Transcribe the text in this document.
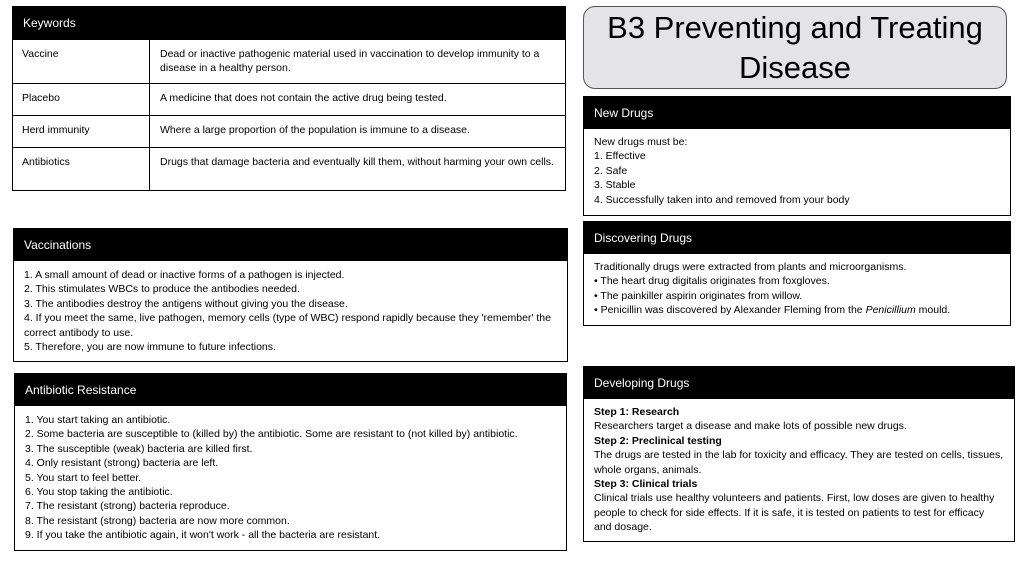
Keywords
Vaccine	Dead or inactive pathogenic material used in vaccination to develop immunity to a disease in a healthy person.
Placebo	A medicine that does not contain the active drug being tested.
Herd immunity	Where a large proportion of the population is immune to a disease.
Antibiotics	Drugs that damage bacteria and eventually kill them, without harming your own cells.
B3 Preventing and Treating Disease
New Drugs
New drugs must be:
1. Effective
2. Safe
3. Stable
4. Successfully taken into and removed from your body
Discovering Drugs
Traditionally drugs were extracted from plants and microorganisms.
• The heart drug digitalis originates from foxgloves.
• The painkiller aspirin originates from willow.
• Penicillin was discovered by Alexander Fleming from the Penicillium mould.
Developing Drugs
Step 1: Research
Researchers target a disease and make lots of possible new drugs.
Step 2: Preclinical testing
The drugs are tested in the lab for toxicity and efficacy. They are tested on cells, tissues, whole organs, animals.
Step 3: Clinical trials
Clinical trials use healthy volunteers and patients. First, low doses are given to healthy people to check for side effects. If it is safe, it is tested on patients to test for efficacy and dosage.
Vaccinations
1. A small amount of dead or inactive forms of a pathogen is injected.
2. This stimulates WBCs to produce the antibodies needed.
3. The antibodies destroy the antigens without giving you the disease.
4. If you meet the same, live pathogen, memory cells (type of WBC) respond rapidly because they 'remember' the correct antibody to use.
5. Therefore, you are now immune to future infections.
Antibiotic Resistance
1. You start taking an antibiotic.
2. Some bacteria are susceptible to (killed by) the antibiotic. Some are resistant to (not killed by) antibiotic.
3. The susceptible (weak) bacteria are killed first.
4. Only resistant (strong) bacteria are left.
5. You start to feel better.
6. You stop taking the antibiotic.
7. The resistant (strong) bacteria reproduce.
8. The resistant (strong) bacteria are now more common.
9. If you take the antibiotic again, it won't work - all the bacteria are resistant.
